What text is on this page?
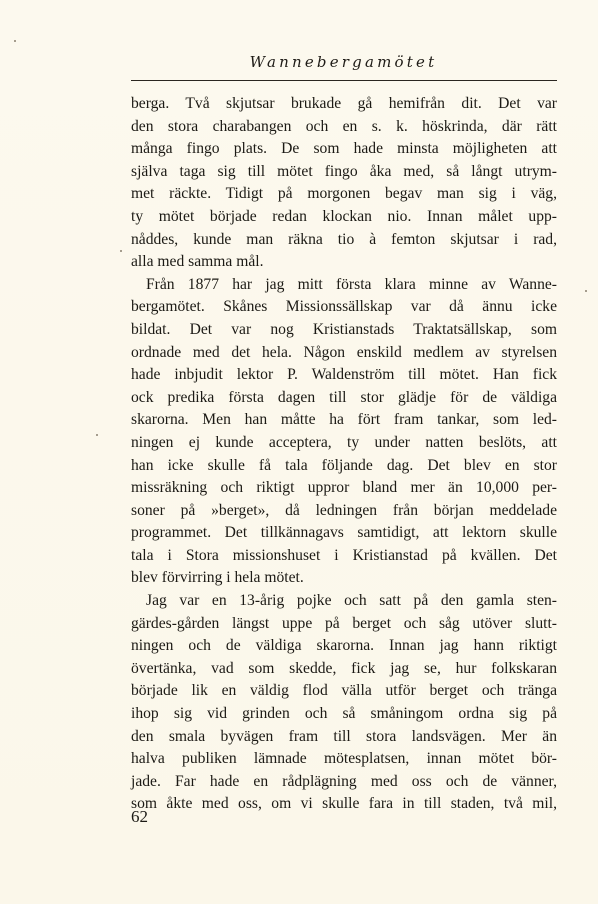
Wannebergamötet
berga. Två skjutsar brukade gå hemifrån dit. Det var
den stora charabangen och en s. k. höskrinda, där rätt
många fingo plats. De som hade minsta möjligheten att
själva taga sig till mötet fingo åka med, så långt utrym-
met räckte. Tidigt på morgonen begav man sig i väg,
ty mötet började redan klockan nio. Innan målet upp-
nåddes, kunde man räkna tio à femton skjutsar i rad,
alla med samma mål.
Från 1877 har jag mitt första klara minne av Wanne-
bergamötet. Skånes Missionssällskap var då ännu icke
bildat. Det var nog Kristianstads Traktatsällskap, som
ordnade med det hela. Någon enskild medlem av styrelsen
hade inbjudit lektor P. Waldenström till mötet. Han fick
ock predika första dagen till stor glädje för de väldiga
skarorna. Men han måtte ha fört fram tankar, som led-
ningen ej kunde acceptera, ty under natten beslöts, att
han icke skulle få tala följande dag. Det blev en stor
missräkning och riktigt uppror bland mer än 10,000 per-
soner på »berget», då ledningen från början meddelade
programmet. Det tillkännagavs samtidigt, att lektorn skulle
tala i Stora missionshuset i Kristianstad på kvällen. Det
blev förvirring i hela mötet.
Jag var en 13-årig pojke och satt på den gamla sten-
gärdes-gården längst uppe på berget och såg utöver slutt-
ningen och de väldiga skarorna. Innan jag hann riktigt
övertänka, vad som skedde, fick jag se, hur folkskaran
började lik en väldig flod välla utför berget och tränga
ihop sig vid grinden och så småningom ordna sig på
den smala byvägen fram till stora landsvägen. Mer än
halva publiken lämnade mötesplatsen, innan mötet bör-
jade. Far hade en rådplägning med oss och de vänner,
som åkte med oss, om vi skulle fara in till staden, två mil,
62
